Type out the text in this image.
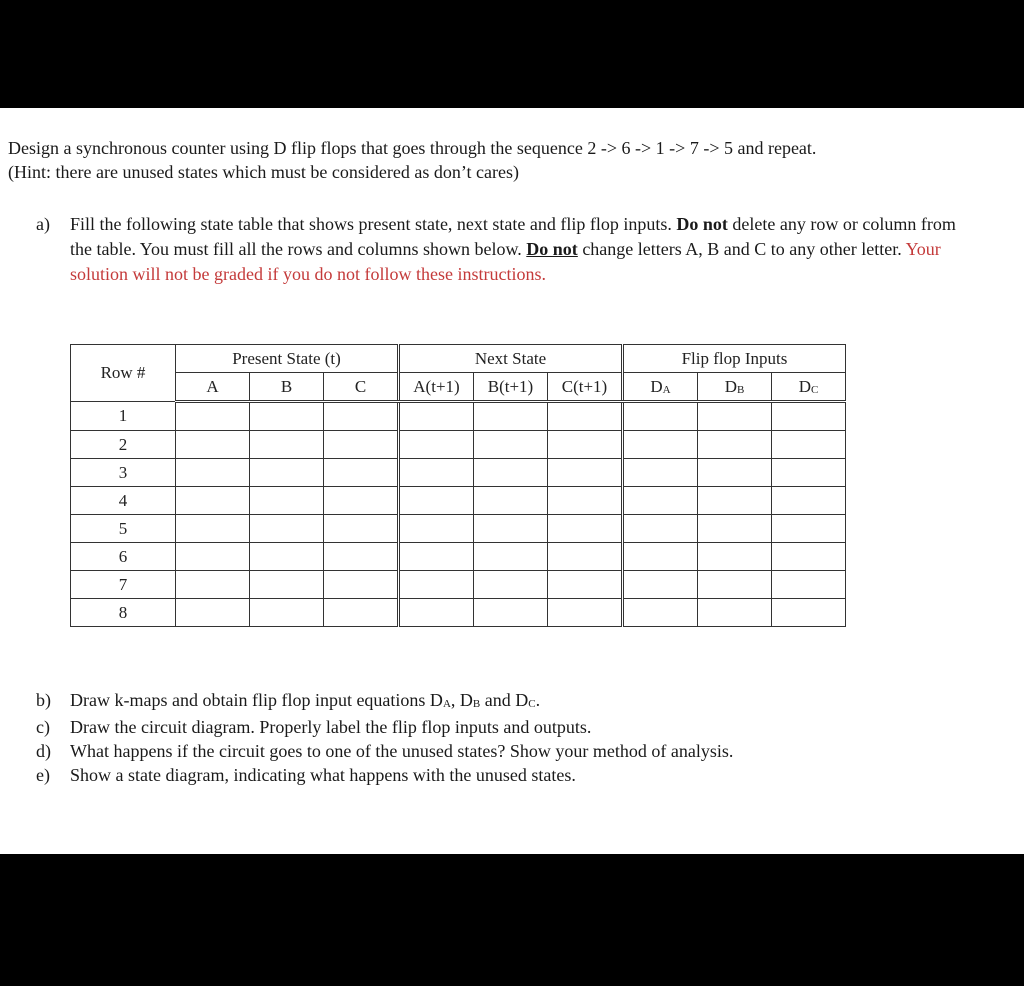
Design a synchronous counter using D flip flops that goes through the sequence 2 -> 6 -> 1 -> 7 -> 5 and repeat.
(Hint: there are unused states which must be considered as don’t cares)
a)	Fill the following state table that shows present state, next state and flip flop inputs. Do not delete any row or column from the table. You must fill all the rows and columns shown below. Do not change letters A, B and C to any other letter. Your solution will not be graded if you do not follow these instructions.
Row #	Present State (t)			Next State			Flip flop Inputs		
	A	B	C	A(t+1)	B(t+1)	C(t+1)	$D_A$	$D_B$	$D_C$
1									
2									
3									
4									
5									
6									
7									
8									
b)	Draw k-maps and obtain flip flop input equations $D_A$, $D_B$ and $D_C$.
c)	Draw the circuit diagram. Properly label the flip flop inputs and outputs.
d)	What happens if the circuit goes to one of the unused states? Show your method of analysis.
e)	Show a state diagram, indicating what happens with the unused states.
